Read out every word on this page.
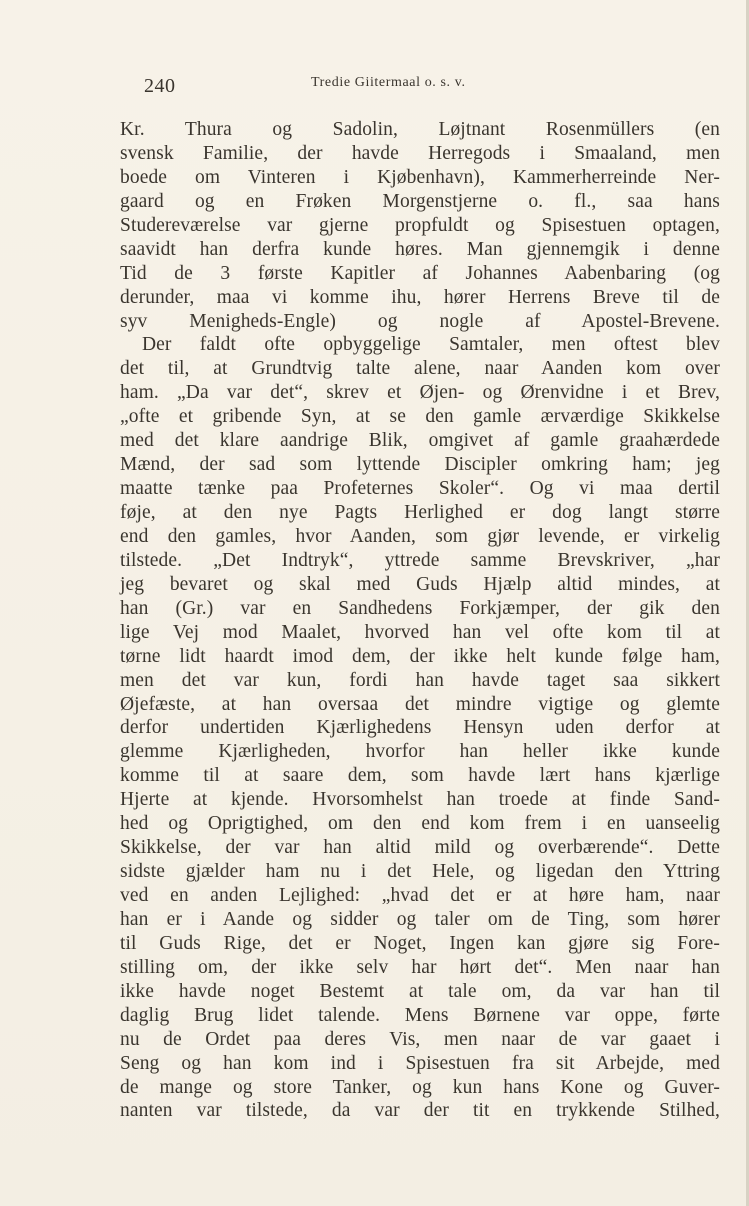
240	Tredie Giitermaal o. s. v.
Kr. Thura og Sadolin, Løjtnant Rosenmüllers (en
svensk Familie, der havde Herregods i Smaaland, men
boede om Vinteren i Kjøbenhavn), Kammerherreinde Ner-
gaard og en Frøken Morgenstjerne o. fl., saa hans
Studereværelse var gjerne propfuldt og Spisestuen optagen,
saavidt han derfra kunde høres. Man gjennemgik i denne
Tid de 3 første Kapitler af Johannes Aabenbaring (og
derunder, maa vi komme ihu, hører Herrens Breve til de
syv Menigheds-Engle) og nogle af Apostel-Brevene.
Der faldt ofte opbyggelige Samtaler, men oftest blev
det til, at Grundtvig talte alene, naar Aanden kom over
ham. „Da var det“, skrev et Øjen- og Ørenvidne i et Brev,
„ofte et gribende Syn, at se den gamle ærværdige Skikkelse
med det klare aandrige Blik, omgivet af gamle graahærdede
Mænd, der sad som lyttende Discipler omkring ham; jeg
maatte tænke paa Profeternes Skoler“. Og vi maa dertil
føje, at den nye Pagts Herlighed er dog langt større
end den gamles, hvor Aanden, som gjør levende, er virkelig
tilstede. „Det Indtryk“, yttrede samme Brevskriver, „har
jeg bevaret og skal med Guds Hjælp altid mindes, at
han (Gr.) var en Sandhedens Forkjæmper, der gik den
lige Vej mod Maalet, hvorved han vel ofte kom til at
tørne lidt haardt imod dem, der ikke helt kunde følge ham,
men det var kun, fordi han havde taget saa sikkert
Øjefæste, at han oversaa det mindre vigtige og glemte
derfor undertiden Kjærlighedens Hensyn uden derfor at
glemme Kjærligheden, hvorfor han heller ikke kunde
komme til at saare dem, som havde lært hans kjærlige
Hjerte at kjende. Hvorsomhelst han troede at finde Sand-
hed og Oprigtighed, om den end kom frem i en uanseelig
Skikkelse, der var han altid mild og overbærende“. Dette
sidste gjælder ham nu i det Hele, og ligedan den Yttring
ved en anden Lejlighed: „hvad det er at høre ham, naar
han er i Aande og sidder og taler om de Ting, som hører
til Guds Rige, det er Noget, Ingen kan gjøre sig Fore-
stilling om, der ikke selv har hørt det“. Men naar han
ikke havde noget Bestemt at tale om, da var han til
daglig Brug lidet talende. Mens Børnene var oppe, førte
nu de Ordet paa deres Vis, men naar de var gaaet i
Seng og han kom ind i Spisestuen fra sit Arbejde, med
de mange og store Tanker, og kun hans Kone og Guver-
nanten var tilstede, da var der tit en trykkende Stilhed,
